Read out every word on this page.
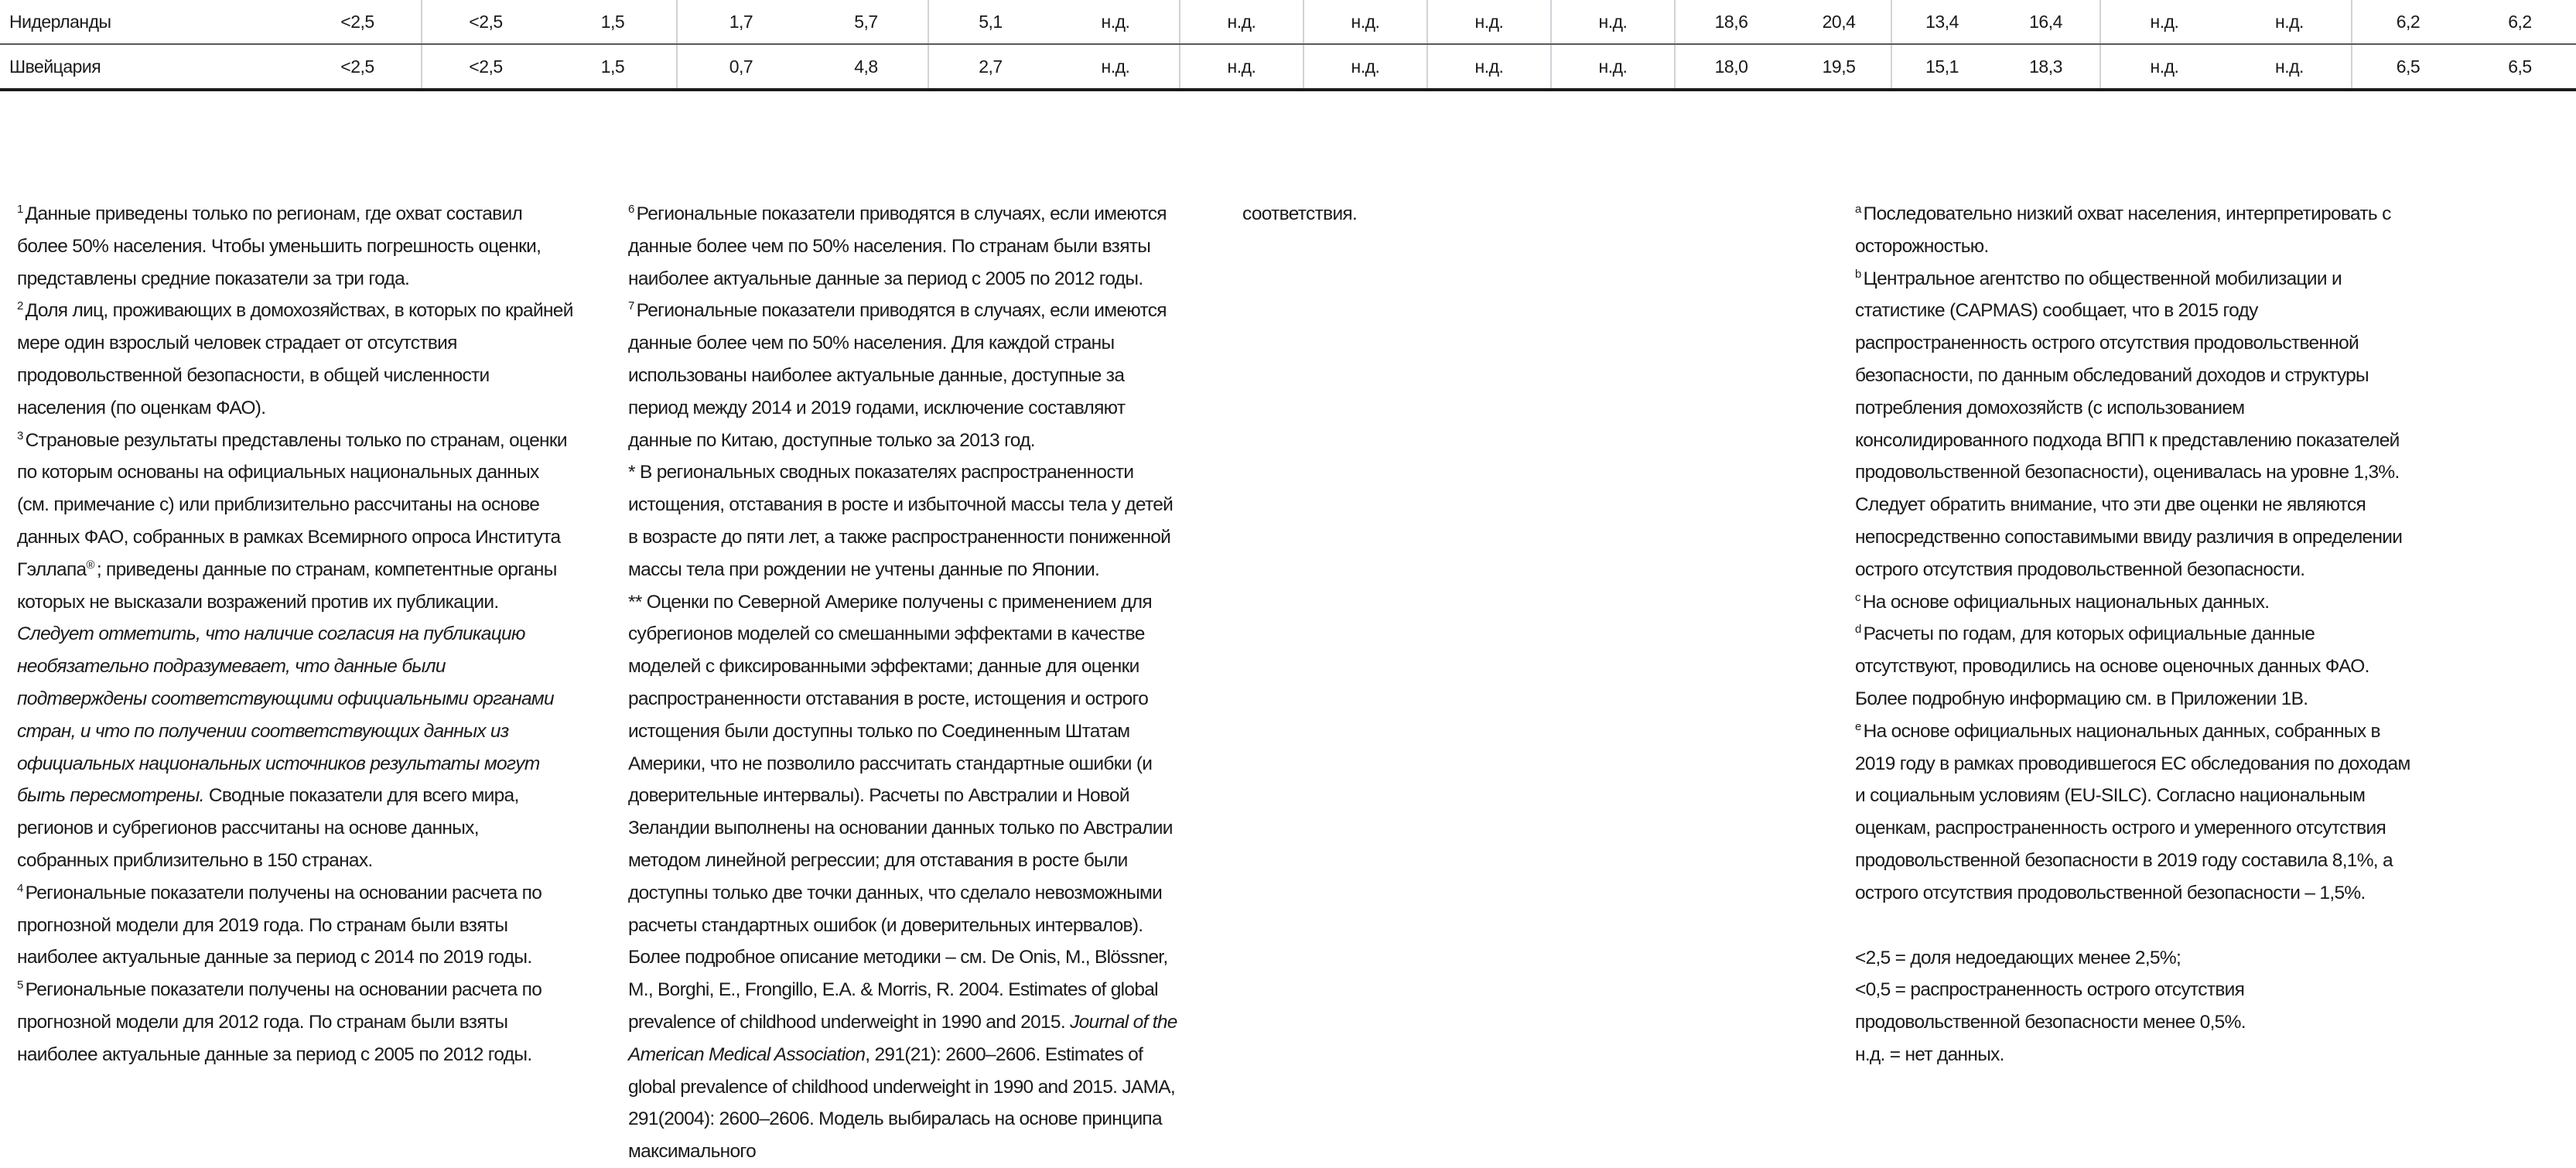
Нидерланды	<2,5	<2,5	1,5	1,7	5,7	5,1	н.д.	н.д.	н.д.	н.д.	н.д.	18,6	20,4	13,4	16,4	н.д.	н.д.	6,2	6,2
Швейцария	<2,5	<2,5	1,5	0,7	4,8	2,7	н.д.	н.д.	н.д.	н.д.	н.д.	18,0	19,5	15,1	18,3	н.д.	н.д.	6,5	6,5

$^1$ Данные приведены только по регионам, где охват составил более 50% населения. Чтобы уменьшить погрешность оценки, представлены средние показатели за три года.

$^2$ Доля лиц, проживающих в домохозяйствах, в которых по крайней мере один взрослый человек страдает от отсутствия продовольственной безопасности, в общей численности населения (по оценкам ФАО).

$^3$ Страновые результаты представлены только по странам, оценки по которым основаны на официальных национальных данных (см. примечание c) или приблизительно рассчитаны на основе данных ФАО, собранных в рамках Всемирного опроса Института Гэллапа® ; приведены данные по странам, компетентные органы которых не высказали возражений против их публикации. Следует отметить, что наличие согласия на публикацию необязательно подразумевает, что данные были подтверждены соответствующими официальными органами стран, и что по получении соответствующих данных из официальных национальных источников результаты могут быть пересмотрены. Сводные показатели для всего мира, регионов и субрегионов рассчитаны на основе данных, собранных приблизительно в 150 странах.

$^4$ Региональные показатели получены на основании расчета по прогнозной модели для 2019 года. По странам были взяты наиболее актуальные данные за период с 2014 по 2019 годы.

$^5$ Региональные показатели получены на основании расчета по прогнозной модели для 2012 года. По странам были взяты наиболее актуальные данные за период с 2005 по 2012 годы.

$^6$ Региональные показатели приводятся в случаях, если имеются данные более чем по 50% населения. По странам были взяты наиболее актуальные данные за период с 2005 по 2012 годы.

$^7$ Региональные показатели приводятся в случаях, если имеются данные более чем по 50% населения. Для каждой страны использованы наиболее актуальные данные, доступные за период между 2014 и 2019 годами, исключение составляют данные по Китаю, доступные только за 2013 год.

* В региональных сводных показателях распространенности истощения, отставания в росте и избыточной массы тела у детей в возрасте до пяти лет, а также распространенности пониженной массы тела при рождении не учтены данные по Японии.

** Оценки по Северной Америке получены с применением для субрегионов моделей со смешанными эффектами в качестве моделей с фиксированными эффектами; данные для оценки распространенности отставания в росте, истощения и острого истощения были доступны только по Соединенным Штатам Америки, что не позволило рассчитать стандартные ошибки (и доверительные интервалы). Расчеты по Австралии и Новой Зеландии выполнены на основании данных только по Австралии методом линейной регрессии; для отставания в росте были доступны только две точки данных, что сделало невозможными расчеты стандартных ошибок (и доверительных интервалов). Более подробное описание методики – см. De Onis, M., Blössner, M., Borghi, E., Frongillo, E.A. & Morris, R. 2004. Estimates of global prevalence of childhood underweight in 1990 and 2015. Journal of the American Medical Association, 291(21): 2600–2606. Estimates of global prevalence of childhood underweight in 1990 and 2015. JAMA, 291(2004): 2600–2606. Модель выбиралась на основе принципа максимального

$^a$ Последовательно низкий охват населения, интерпретировать с осторожностью.

$^b$ Центральное агентство по общественной мобилизации и статистике (CAPMAS) сообщает, что в 2015 году распространенность острого отсутствия продовольственной безопасности, по данным обследований доходов и структуры потребления домохозяйств (с использованием консолидированного подхода ВПП к представлению показателей продовольственной безопасности), оценивалась на уровне 1,3%. Следует обратить внимание, что эти две оценки не являются непосредственно сопоставимыми ввиду различия в определении острого отсутствия продовольственной безопасности.

$^c$ На основе официальных национальных данных.

$^d$ Расчеты по годам, для которых официальные данные отсутствуют, проводились на основе оценочных данных ФАО. Более подробную информацию см. в Приложении 1B.

$^e$ На основе официальных национальных данных, собранных в 2019 году в рамках проводившегося ЕС обследования по доходам и социальным условиям (EU-SILC). Согласно национальным оценкам, распространенность острого и умеренного отсутствия продовольственной безопасности в 2019 году составила 8,1%, а острого отсутствия продовольственной безопасности – 1,5%.

<2,5 = доля недоедающих менее 2,5%;

<0,5 = распространенность острого отсутствия продовольственной безопасности менее 0,5%.

н.д. = нет данных.

соответствия.
